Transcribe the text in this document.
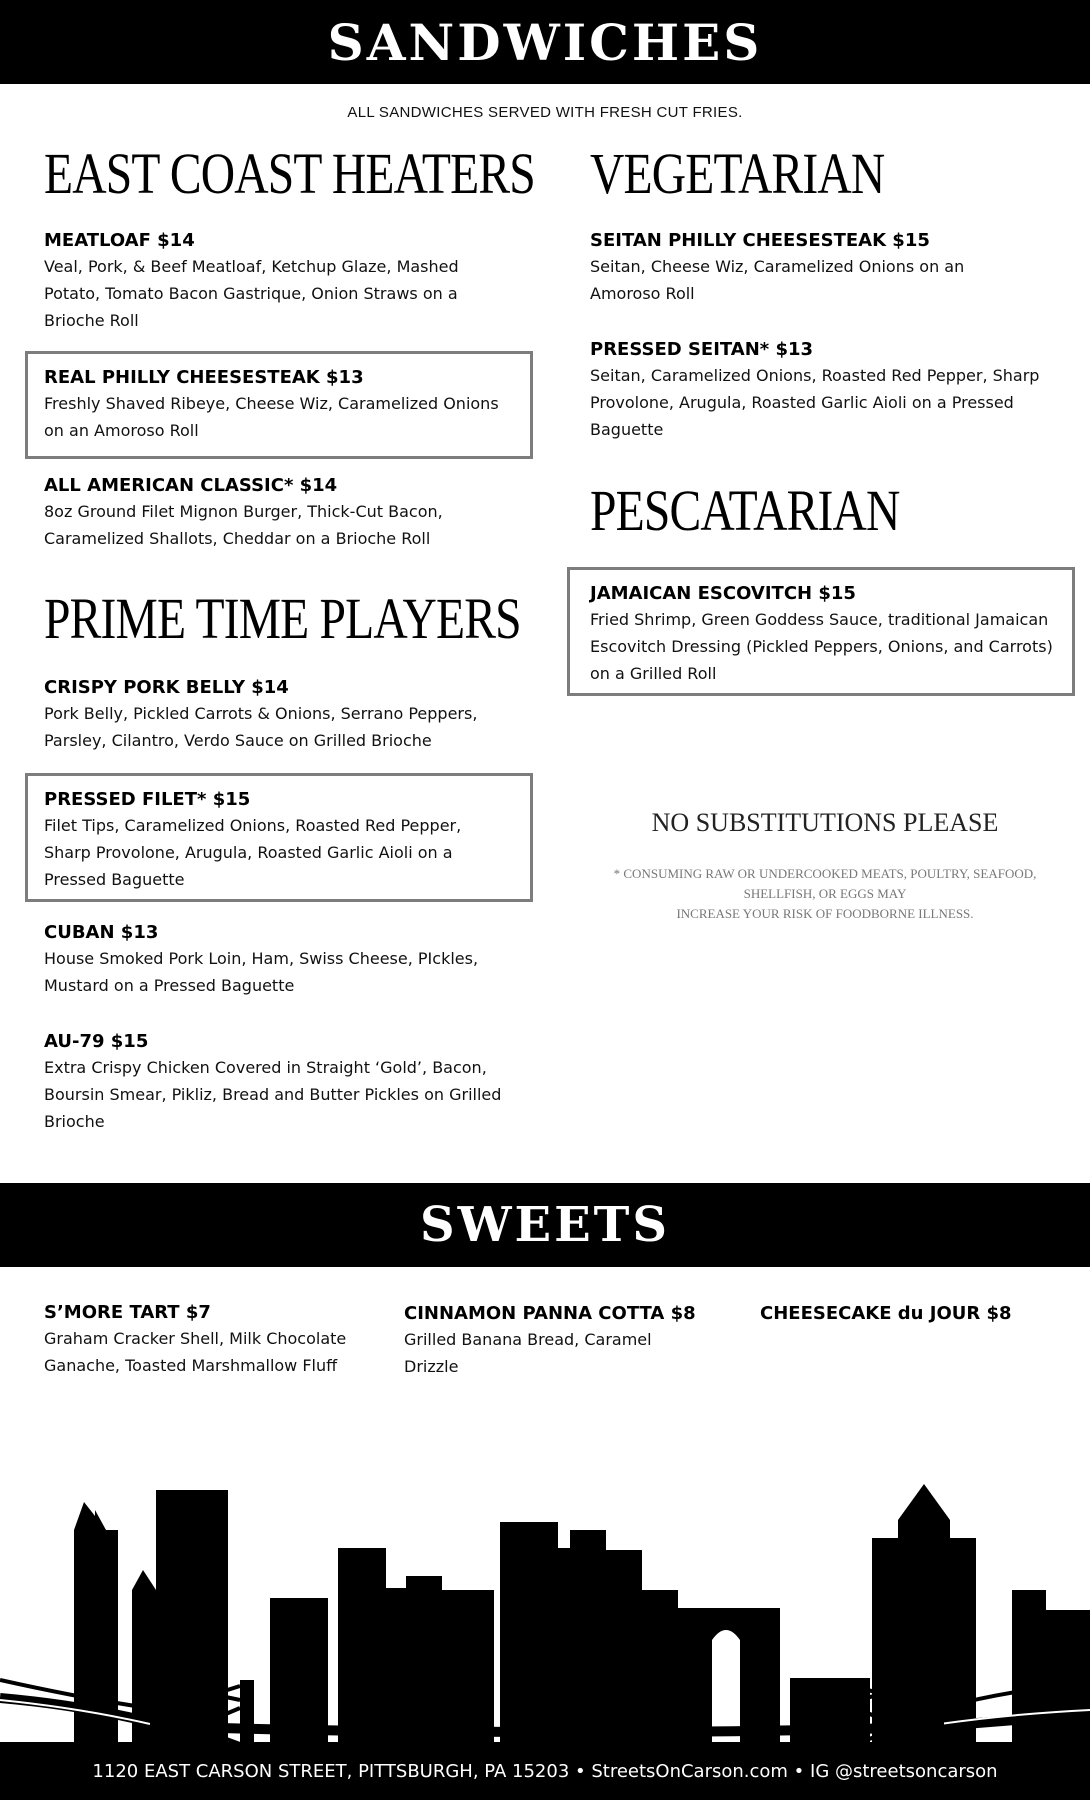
SANDWICHES
ALL SANDWICHES SERVED WITH FRESH CUT FRIES.
EAST COAST HEATERS
MEATLOAF $14
Veal, Pork, & Beef Meatloaf, Ketchup Glaze, Mashed
Potato, Tomato Bacon Gastrique, Onion Straws on a
Brioche Roll
REAL PHILLY CHEESESTEAK $13
Freshly Shaved Ribeye, Cheese Wiz, Caramelized Onions
on an Amoroso Roll
ALL AMERICAN CLASSIC* $14
8oz Ground Filet Mignon Burger, Thick-Cut Bacon,
Caramelized Shallots, Cheddar on a Brioche Roll
PRIME TIME PLAYERS
CRISPY PORK BELLY $14
Pork Belly, Pickled Carrots & Onions, Serrano Peppers,
Parsley, Cilantro, Verdo Sauce on Grilled Brioche
PRESSED FILET* $15
Filet Tips, Caramelized Onions, Roasted Red Pepper,
Sharp Provolone, Arugula, Roasted Garlic Aioli on a
Pressed Baguette
CUBAN $13
House Smoked Pork Loin, Ham, Swiss Cheese, PIckles,
Mustard on a Pressed Baguette
AU-79 $15
Extra Crispy Chicken Covered in Straight ‘Gold’, Bacon,
Boursin Smear, Pikliz, Bread and Butter Pickles on Grilled
Brioche
VEGETARIAN
SEITAN PHILLY CHEESESTEAK $15
Seitan, Cheese Wiz, Caramelized Onions on an
Amoroso Roll
PRESSED SEITAN* $13
Seitan, Caramelized Onions, Roasted Red Pepper, Sharp
Provolone, Arugula, Roasted Garlic Aioli on a Pressed
Baguette
PESCATARIAN
JAMAICAN ESCOVITCH $15
Fried Shrimp, Green Goddess Sauce, traditional Jamaican
Escovitch Dressing (Pickled Peppers, Onions, and Carrots)
on a Grilled Roll
NO SUBSTITUTIONS PLEASE
* CONSUMING RAW OR UNDERCOOKED MEATS, POULTRY, SEAFOOD, SHELLFISH, OR EGGS MAY
INCREASE YOUR RISK OF FOODBORNE ILLNESS.
SWEETS
S’MORE TART $7
Graham Cracker Shell, Milk Chocolate
Ganache, Toasted Marshmallow Fluff
CINNAMON PANNA COTTA $8
Grilled Banana Bread, Caramel
Drizzle
CHEESECAKE du JOUR $8
1120 EAST CARSON STREET, PITTSBURGH, PA 15203 • StreetsOnCarson.com • IG @streetsoncarson
